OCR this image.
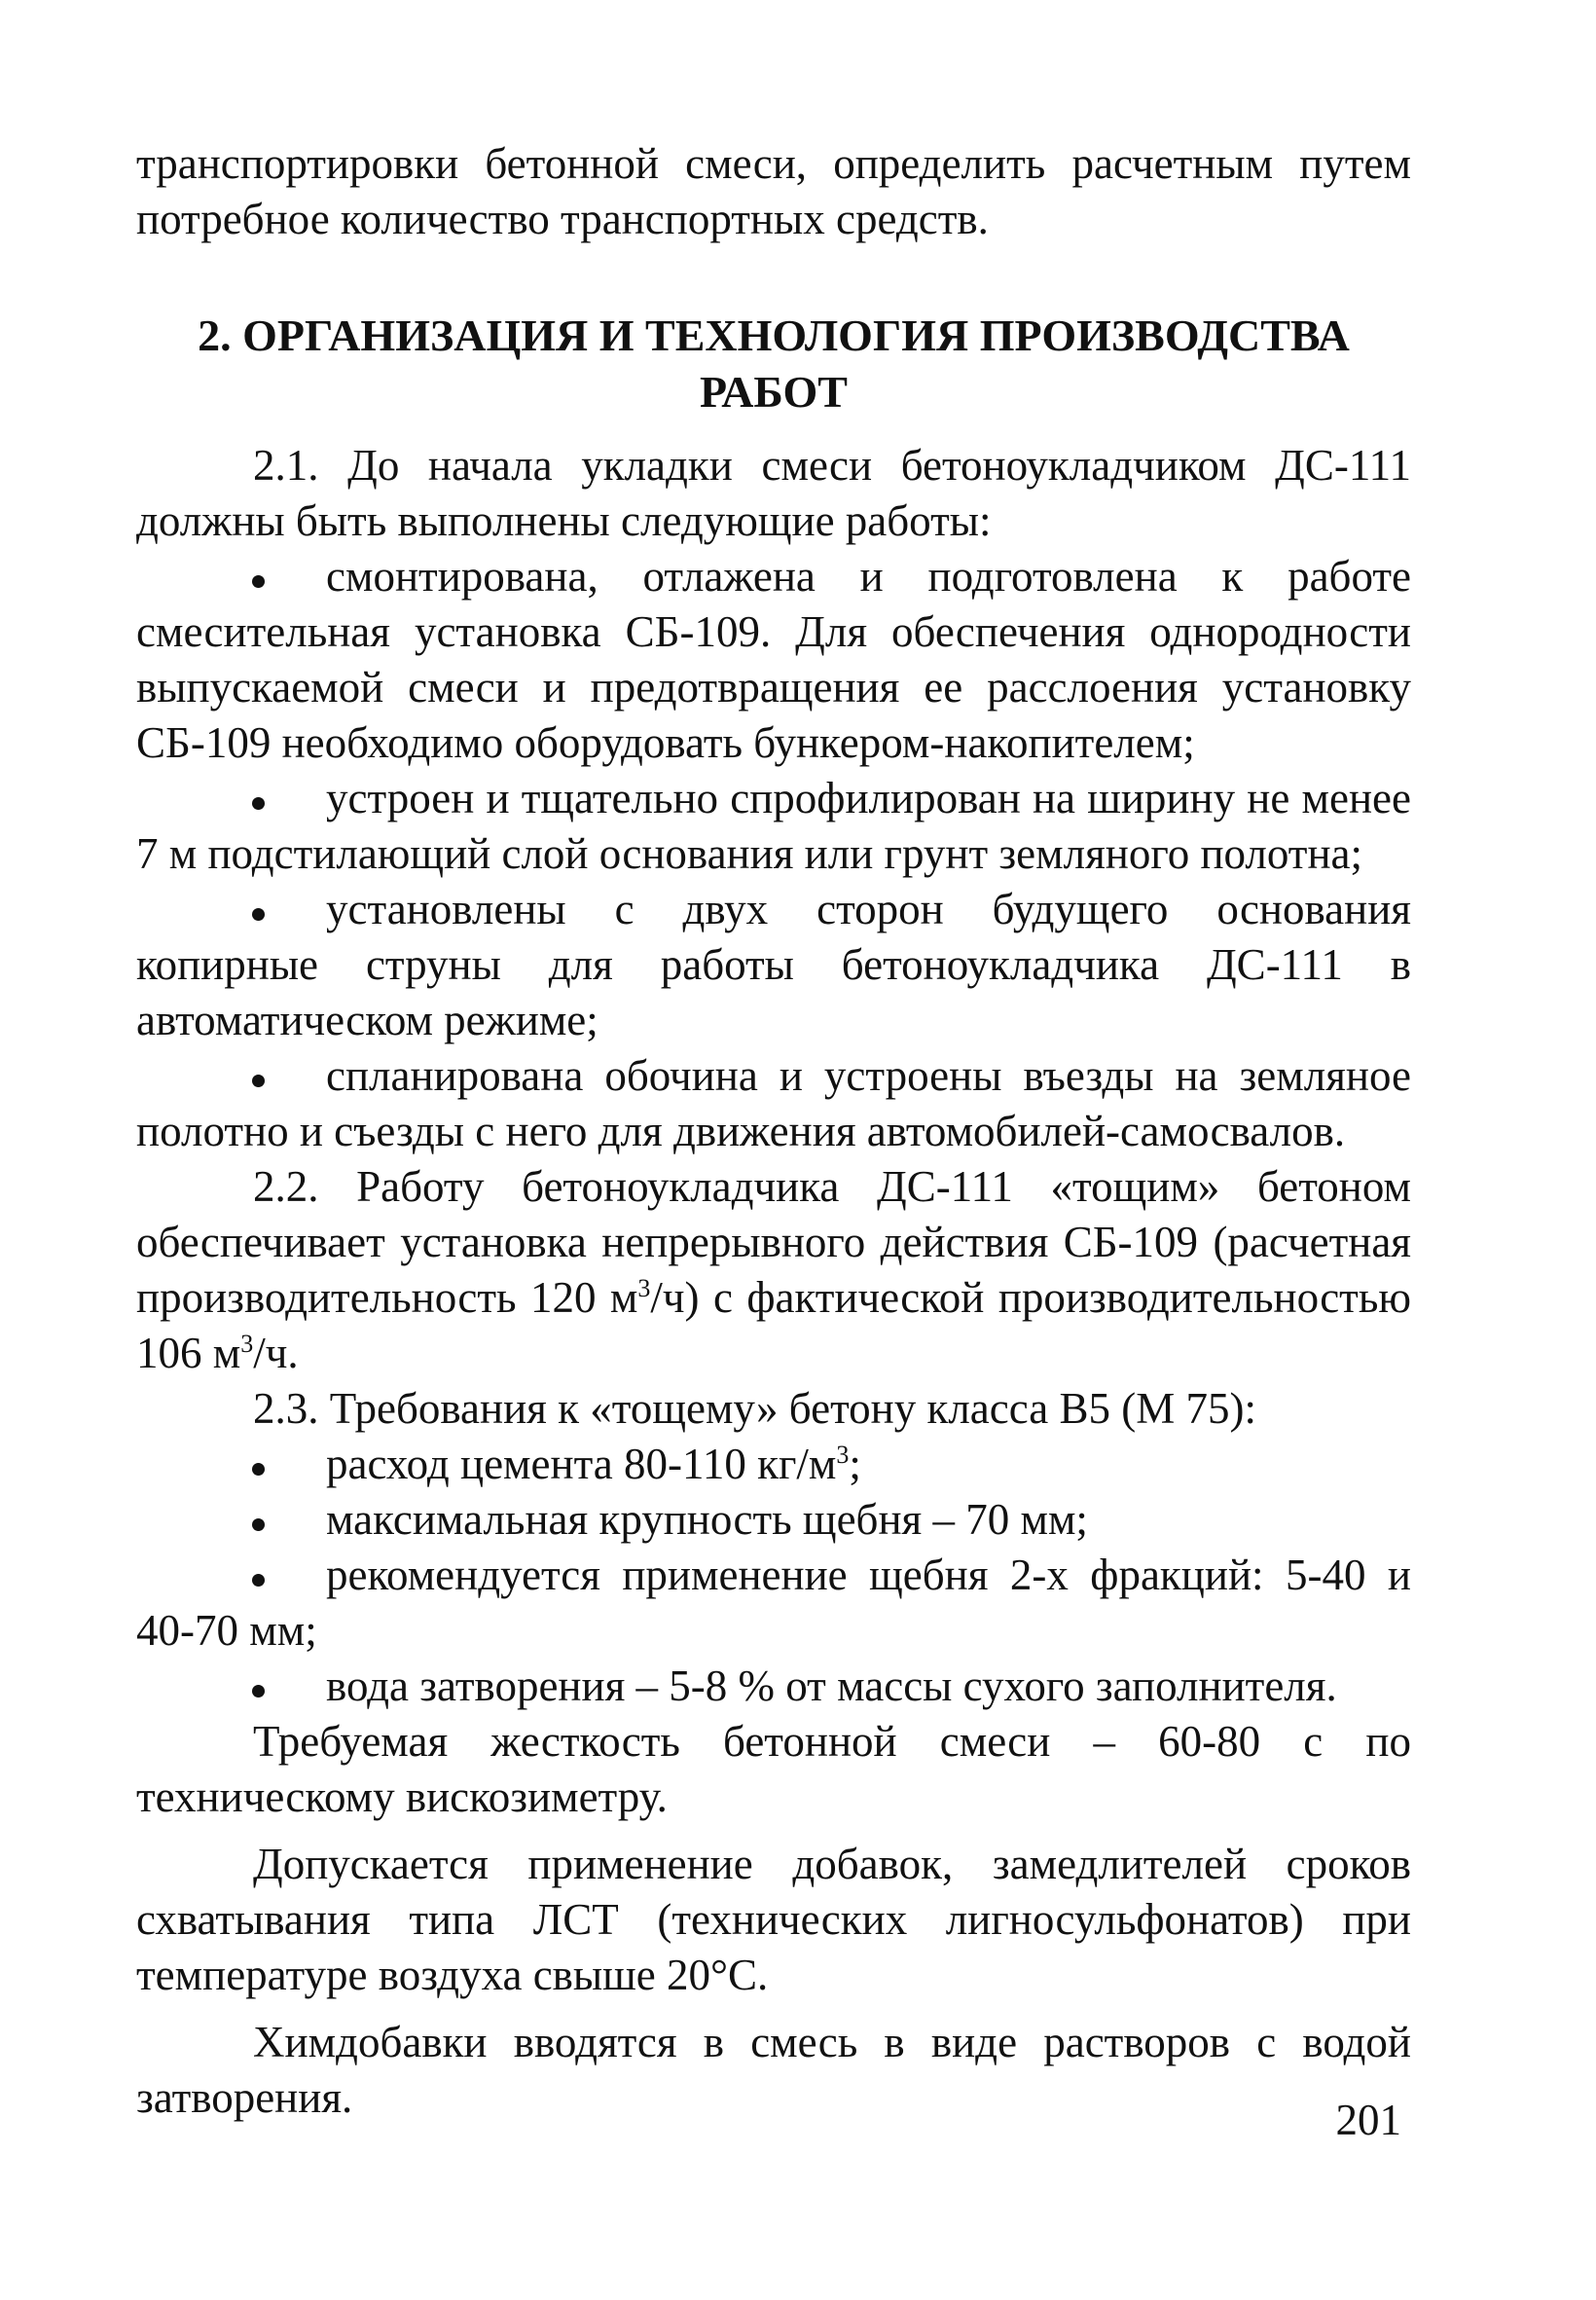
транспортировки бетонной смеси, определить расчетным путем потребное количество транспортных средств.

2. ОРГАНИЗАЦИЯ И ТЕХНОЛОГИЯ ПРОИЗВОДСТВА
РАБОТ

2.1. До начала укладки смеси бетоноукладчиком ДС-111 должны быть выполнены следующие работы:

смонтирована, отлажена и подготовлена к работе смесительная установка СБ-109. Для обеспечения однородности выпускаемой смеси и предотвращения ее расслоения установку СБ-109 необходимо оборудовать бункером-накопителем;

устроен и тщательно спрофилирован на ширину не менее 7 м подстилающий слой основания или грунт земляного полотна;

установлены с двух сторон будущего основания копирные струны для работы бетоноукладчика ДС-111 в автоматическом режиме;

спланирована обочина и устроены въезды на земляное полотно и съезды с него для движения автомобилей-самосвалов.

2.2. Работу бетоноукладчика ДС-111 «тощим» бетоном обеспечивает установка непрерывного действия СБ-109 (расчетная производительность 120 $м^3/ч$) с фактической производительностью 106 $м^3/ч$.

2.3. Требования к «тощему» бетону класса В5 (М 75):

расход цемента 80-110 $кг/м^3$;

максимальная крупность щебня – 70 мм;

рекомендуется применение щебня 2-х фракций: 5-40 и 40-70 мм;

вода затворения – 5-8 % от массы сухого заполнителя.

Требуемая жесткость бетонной смеси – 60-80 с по техническому вискозиметру.

Допускается применение добавок, замедлителей сроков схватывания типа ЛСТ (технических лигносульфонатов) при температуре воздуха свыше 20°С.

Химдобавки вводятся в смесь в виде растворов с водой затворения.	201
